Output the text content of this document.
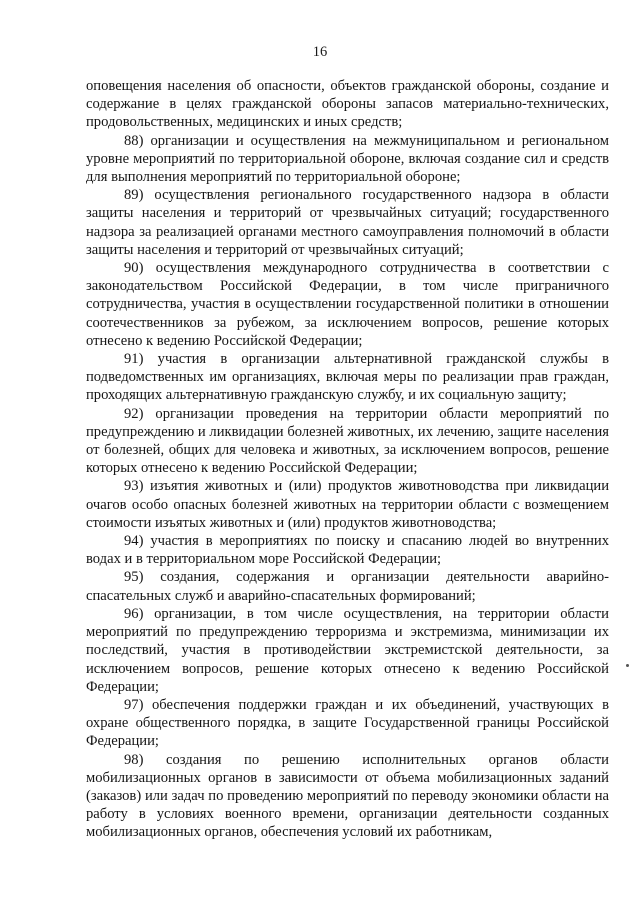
16

оповещения населения об опасности, объектов гражданской обороны, создание и содержание в целях гражданской обороны запасов материально-технических, продовольственных, медицинских и иных средств;

88) организации и осуществления на межмуниципальном и региональном уровне мероприятий по территориальной обороне, включая создание сил и средств для выполнения мероприятий по территориальной обороне;

89) осуществления регионального государственного надзора в области защиты населения и территорий от чрезвычайных ситуаций; государственного надзора за реализацией органами местного самоуправления полномочий в области защиты населения и территорий от чрезвычайных ситуаций;

90) осуществления международного сотрудничества в соответствии с законодательством Российской Федерации, в том числе приграничного сотрудничества, участия в осуществлении государственной политики в отношении соотечественников за рубежом, за исключением вопросов, решение которых отнесено к ведению Российской Федерации;

91) участия в организации альтернативной гражданской службы в подведомственных им организациях, включая меры по реализации прав граждан, проходящих альтернативную гражданскую службу, и их социальную защиту;

92) организации проведения на территории области мероприятий по предупреждению и ликвидации болезней животных, их лечению, защите населения от болезней, общих для человека и животных, за исключением вопросов, решение которых отнесено к ведению Российской Федерации;

93) изъятия животных и (или) продуктов животноводства при ликвидации очагов особо опасных болезней животных на территории области с возмещением стоимости изъятых животных и (или) продуктов животноводства;

94) участия в мероприятиях по поиску и спасанию людей во внутренних водах и в территориальном море Российской Федерации;

95) создания, содержания и организации деятельности аварийно-спасательных служб и аварийно-спасательных формирований;

96) организации, в том числе осуществления, на территории области мероприятий по предупреждению терроризма и экстремизма, минимизации их последствий, участия в противодействии экстремистской деятельности, за исключением вопросов, решение которых отнесено к ведению Российской Федерации;

97) обеспечения поддержки граждан и их объединений, участвующих в охране общественного порядка, в защите Государственной границы Российской Федерации;

98) создания по решению исполнительных органов области мобилизационных органов в зависимости от объема мобилизационных заданий (заказов) или задач по проведению мероприятий по переводу экономики области на работу в условиях военного времени, организации деятельности созданных мобилизационных органов, обеспечения условий их работникам,
